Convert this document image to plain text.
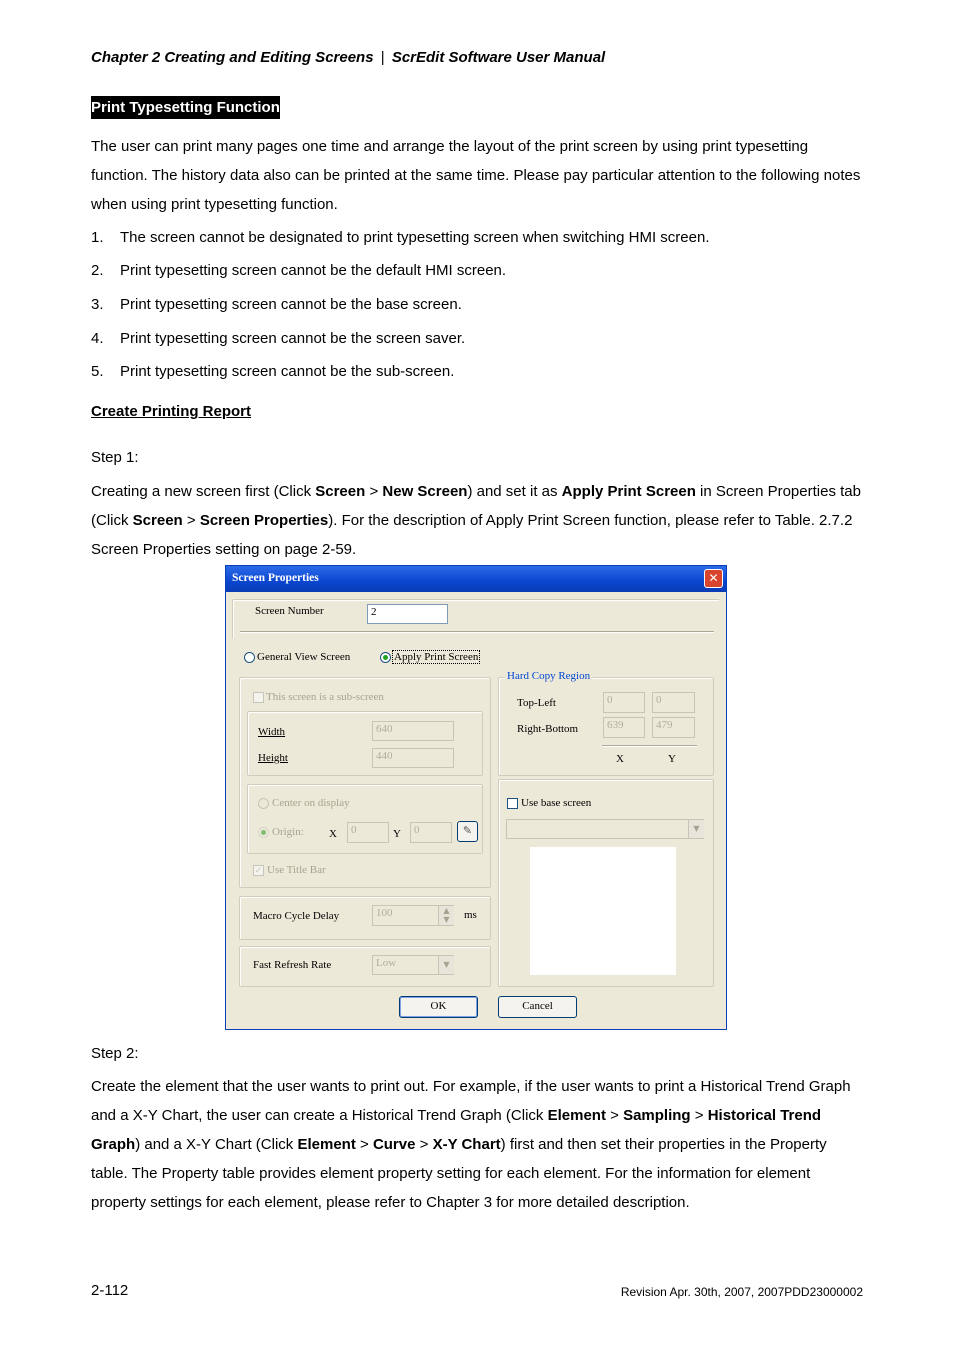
Chapter 2 Creating and Editing Screens | ScrEdit Software User Manual
Print Typesetting Function
The user can print many pages one time and arrange the layout of the print screen by using print typesetting function. The history data also can be printed at the same time. Please pay particular attention to the following notes when using print typesetting function.
1. The screen cannot be designated to print typesetting screen when switching HMI screen.
2. Print typesetting screen cannot be the default HMI screen.
3. Print typesetting screen cannot be the base screen.
4. Print typesetting screen cannot be the screen saver.
5. Print typesetting screen cannot be the sub-screen.
Create Printing Report
Step 1:
Creating a new screen first (Click Screen > New Screen) and set it as Apply Print Screen in Screen Properties tab (Click Screen > Screen Properties). For the description of Apply Print Screen function, please refer to Table. 2.7.2 Screen Properties setting on page 2-59.
Screen Properties	✕
Screen Number	2
General View Screen	Apply Print Screen
This screen is a sub-screen
Width	640
Height	440
Center on display
Origin: X	0	Y	0	✎
✓ Use Title Bar
Macro Cycle Delay	100	▲
▼	ms
Fast Refresh Rate	Low	▼
Hard Copy Region
Top-Left	0	0
Right-Bottom	639	479
X	Y
Use base screen
▼
OK	Cancel
Step 2:
Create the element that the user wants to print out. For example, if the user wants to print a Historical Trend Graph and a X-Y Chart, the user can create a Historical Trend Graph (Click Element > Sampling > Historical Trend Graph) and a X-Y Chart (Click Element > Curve > X-Y Chart) first and then set their properties in the Property table. The Property table provides element property setting for each element. For the information for element property settings for each element, please refer to Chapter 3 for more detailed description.
2-112	Revision Apr. 30th, 2007, 2007PDD23000002
